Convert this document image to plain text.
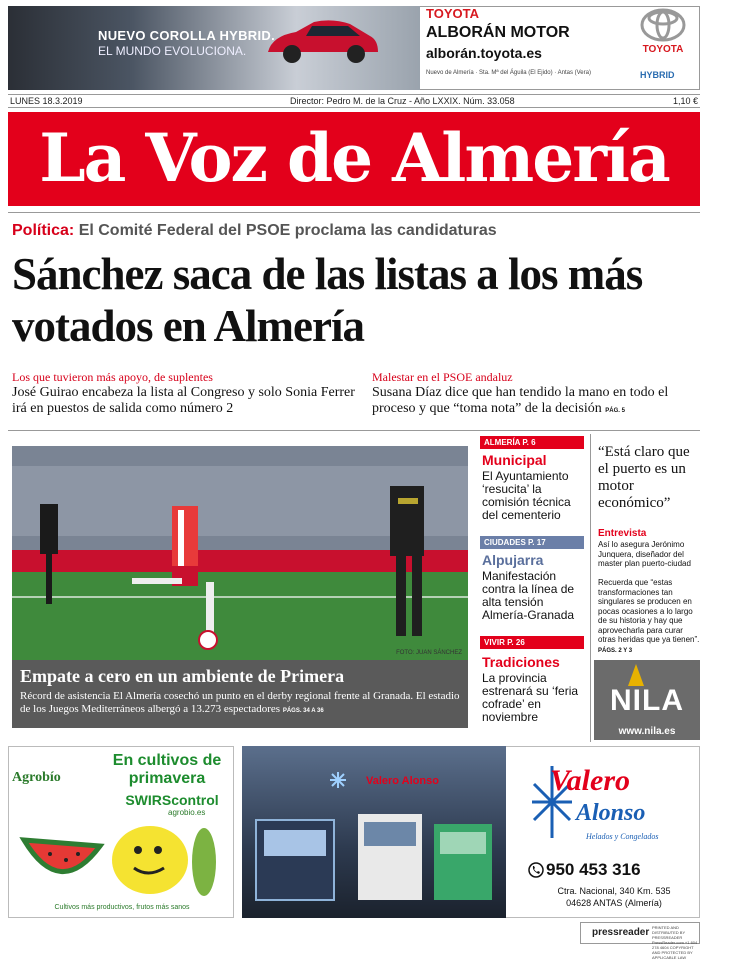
NUEVO COROLLA HYBRID.
EL MUNDO EVOLUCIONA.
TOYOTA
ALBORÁN MOTOR
alborán.toyota.es
Nuevo de Almería · Sta. Mª del Águila (El Ejido) · Antas (Vera)
TOYOTA
HYBRID
LUNES 18.3.2019	Director: Pedro M. de la Cruz - Año LXXIX. Núm. 33.058	1,10 €
La Voz de Almería
Política: El Comité Federal del PSOE proclama las candidaturas
Sánchez saca de las listas a los más votados en Almería
Los que tuvieron más apoyo, de suplentes
José Guirao encabeza la lista al Congreso y solo Sonia Ferrer irá en puestos de salida como número 2
Malestar en el PSOE andaluz
Susana Díaz dice que han tendido la mano en todo el proceso y que “toma nota” de la decisión PÁG. 5
FOTO: JUAN SÁNCHEZ
Empate a cero en un ambiente de Primera
Récord de asistencia El Almería cosechó un punto en el derby regional frente al Granada. El estadio de los Juegos Mediterráneos albergó a 13.273 espectadores PÁGS. 34 A 36
ALMERÍA P. 6
Municipal
El Ayuntamiento ‘resucita’ la comisión técnica del cementerio
CIUDADES P. 17
Alpujarra
Manifestación contra la línea de alta tensión Almería-Granada
VIVIR P. 26
Tradiciones
La provincia estrenará su ‘feria cofrade’ en noviembre
“Está claro que el puerto es un motor económico”
Entrevista
Así lo asegura Jerónimo Junquera, diseñador del master plan puerto-ciudad
Recuerda que “estas transformaciones tan singulares se producen en pocas ocasiones a lo largo de su historia y hay que aprovecharla para curar otras heridas que ya tienen”. PÁGS. 2 Y 3
NILA
www.nila.es
Agrobío
En cultivos de primavera
SWIRScontrol
agrobio.es
Cultivos más productivos, frutos más sanos
Valero Alonso	Valero
Alonso
Helados y Congelados
950 453 316
Ctra. Nacional, 340 Km. 535
04628 ANTAS (Almería)
pressreader PRINTED AND DISTRIBUTED BY PRESSREADER PressReader.com +1 604 278 4604 COPYRIGHT AND PROTECTED BY APPLICABLE LAW
